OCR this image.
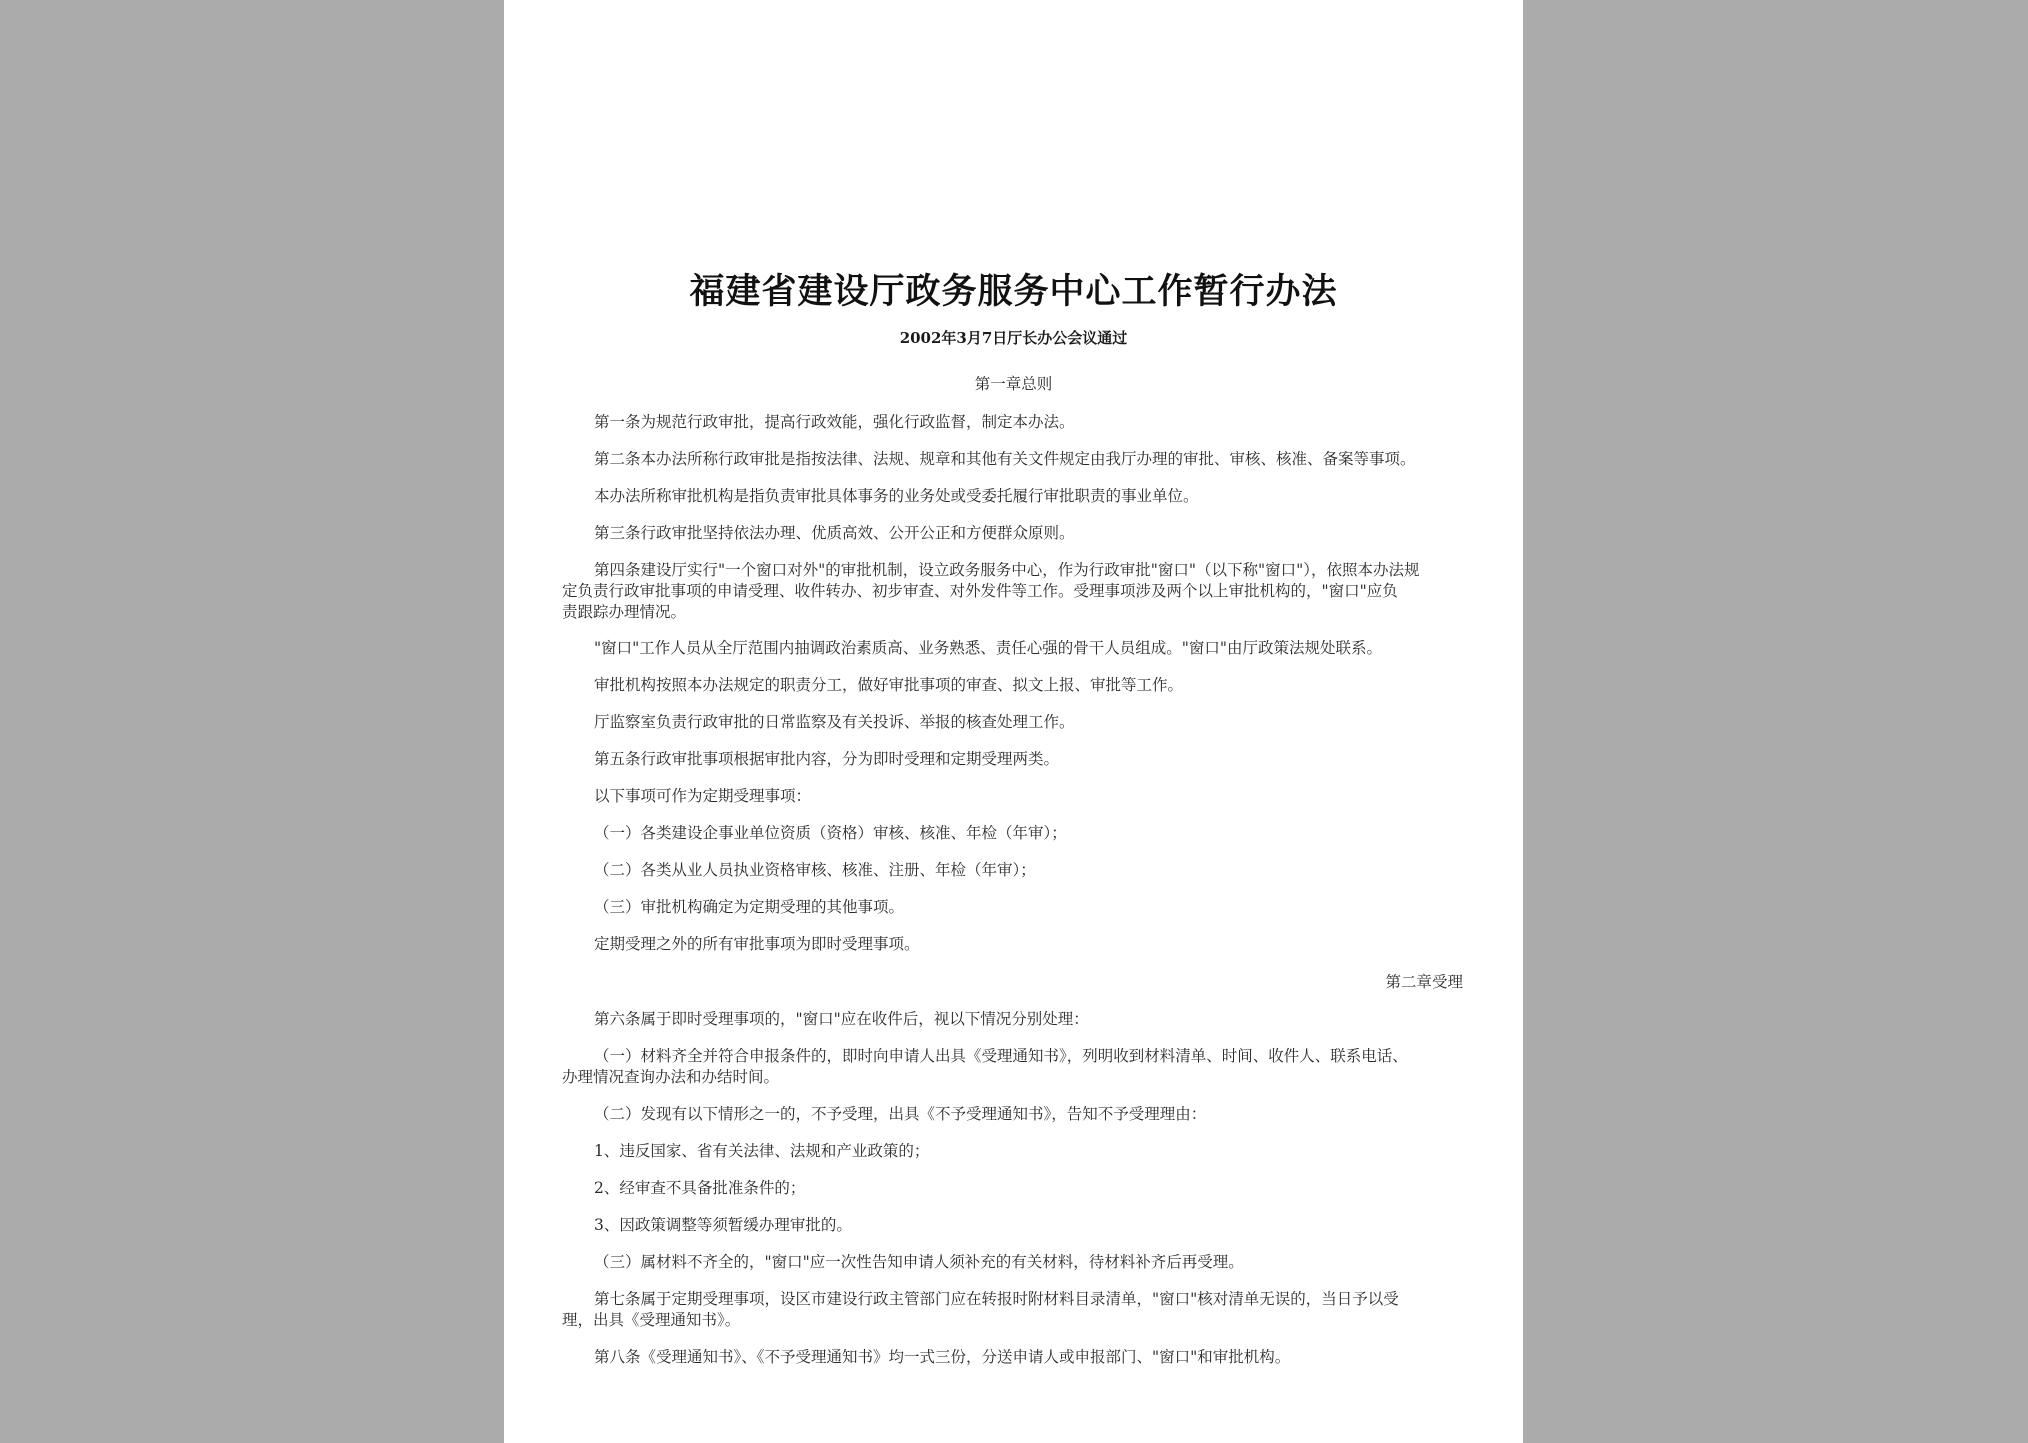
福建省建设厅政务服务中心工作暂行办法
2002年3月7日厅长办公会议通过
第一章总则
第一条为规范行政审批，提高行政效能，强化行政监督，制定本办法。
第二条本办法所称行政审批是指按法律、法规、规章和其他有关文件规定由我厅办理的审批、审核、核准、备案等事项。
本办法所称审批机构是指负责审批具体事务的业务处或受委托履行审批职责的事业单位。
第三条行政审批坚持依法办理、优质高效、公开公正和方便群众原则。
第四条建设厅实行"一个窗口对外"的审批机制，设立政务服务中心，作为行政审批"窗口"（以下称"窗口"），依照本办法规
定负责行政审批事项的申请受理、收件转办、初步审查、对外发件等工作。受理事项涉及两个以上审批机构的，"窗口"应负
责跟踪办理情况。
"窗口"工作人员从全厅范围内抽调政治素质高、业务熟悉、责任心强的骨干人员组成。"窗口"由厅政策法规处联系。
审批机构按照本办法规定的职责分工，做好审批事项的审查、拟文上报、审批等工作。
厅监察室负责行政审批的日常监察及有关投诉、举报的核查处理工作。
第五条行政审批事项根据审批内容，分为即时受理和定期受理两类。
以下事项可作为定期受理事项：
（一）各类建设企事业单位资质（资格）审核、核准、年检（年审）；
（二）各类从业人员执业资格审核、核准、注册、年检（年审）；
（三）审批机构确定为定期受理的其他事项。
定期受理之外的所有审批事项为即时受理事项。
第二章受理
第六条属于即时受理事项的，"窗口"应在收件后，视以下情况分别处理：
（一）材料齐全并符合申报条件的，即时向申请人出具《受理通知书》，列明收到材料清单、时间、收件人、联系电话、
办理情况查询办法和办结时间。
（二）发现有以下情形之一的，不予受理，出具《不予受理通知书》，告知不予受理理由：
1、违反国家、省有关法律、法规和产业政策的；
2、经审查不具备批准条件的；
3、因政策调整等须暂缓办理审批的。
（三）属材料不齐全的，"窗口"应一次性告知申请人须补充的有关材料，待材料补齐后再受理。
第七条属于定期受理事项，设区市建设行政主管部门应在转报时附材料目录清单，"窗口"核对清单无误的，当日予以受
理，出具《受理通知书》。
第八条《受理通知书》、《不予受理通知书》均一式三份，分送申请人或申报部门、"窗口"和审批机构。
